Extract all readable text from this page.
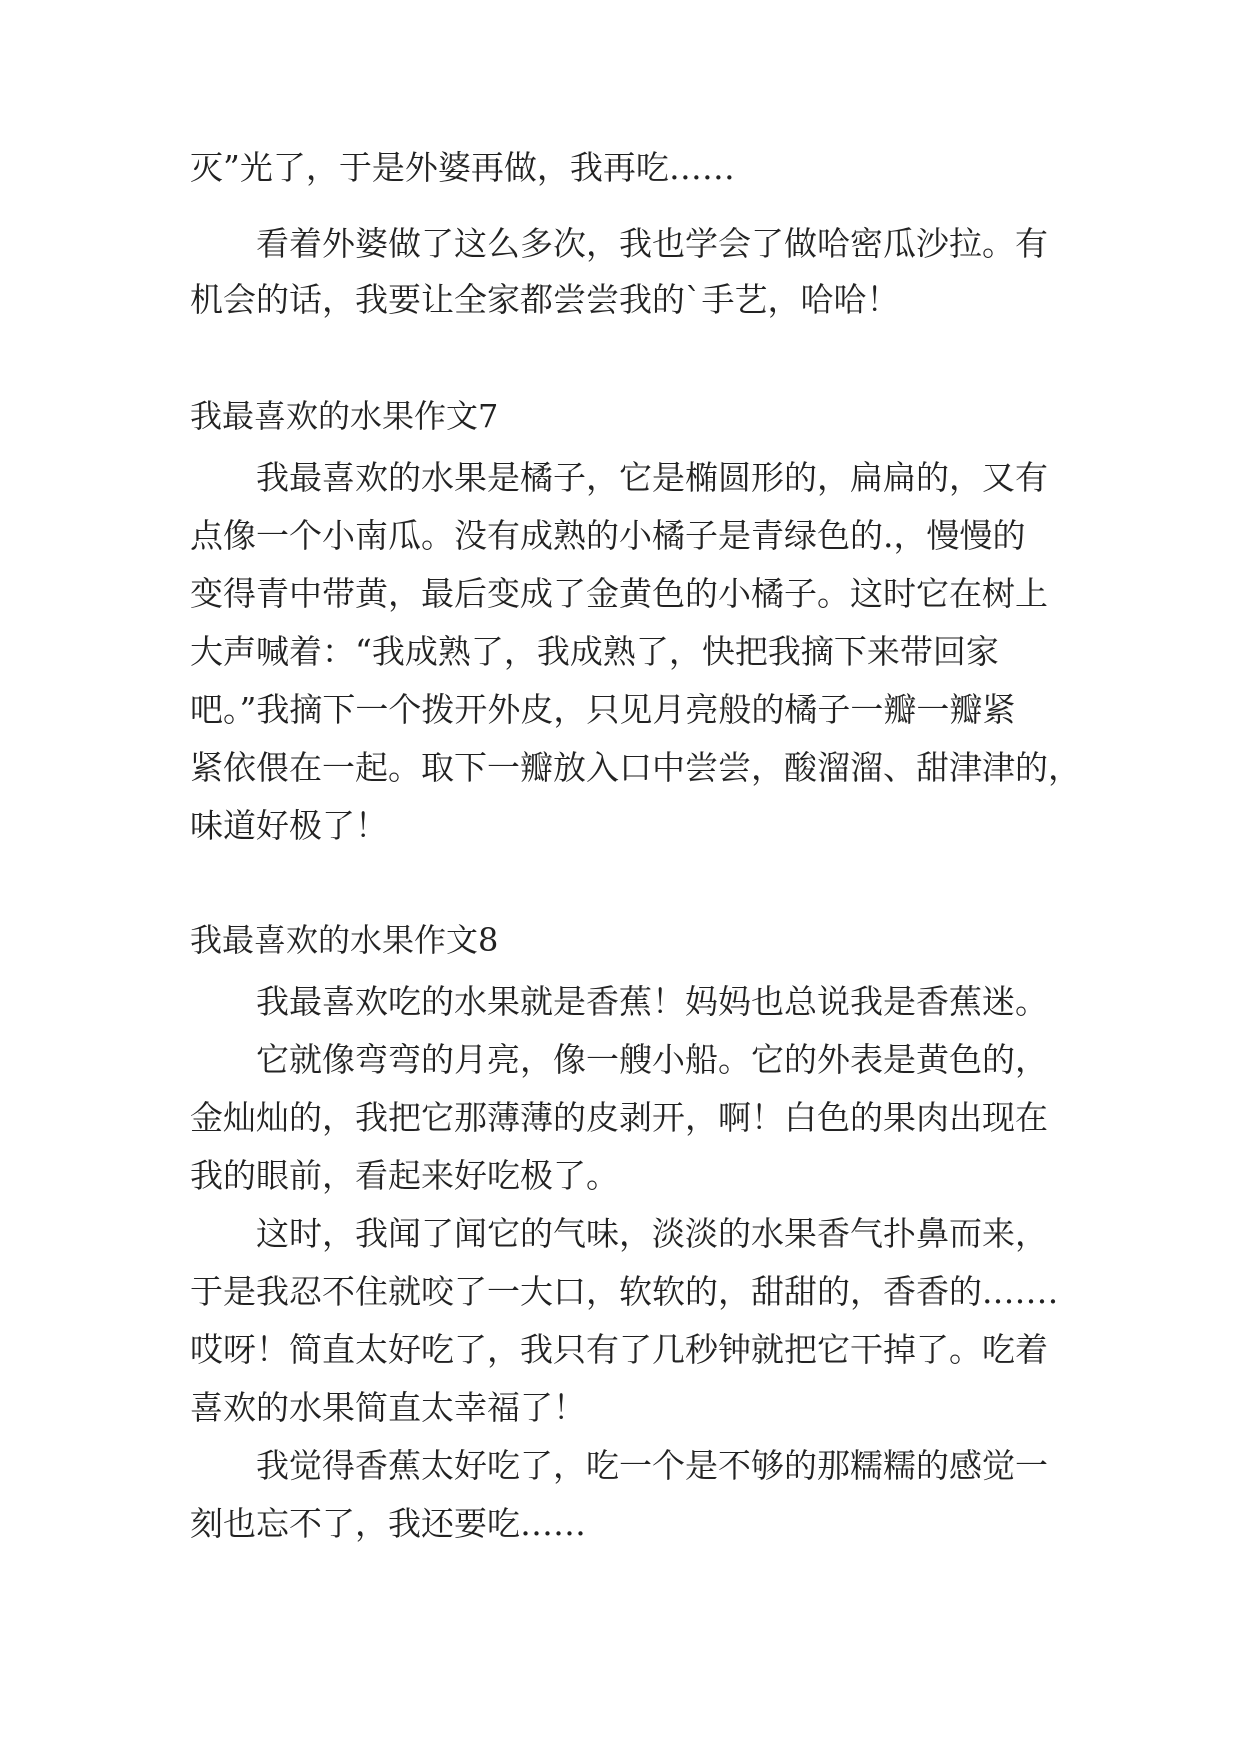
灭”光了，于是外婆再做，我再吃……

看着外婆做了这么多次，我也学会了做哈密瓜沙拉。有

机会的话，我要让全家都尝尝我的`手艺，哈哈！

我最喜欢的水果作文7

我最喜欢的水果是橘子，它是椭圆形的，扁扁的，又有

点像一个小南瓜。没有成熟的小橘子是青绿色的.，慢慢的

变得青中带黄，最后变成了金黄色的小橘子。这时它在树上

大声喊着：“我成熟了，我成熟了，快把我摘下来带回家

吧。”我摘下一个拨开外皮，只见月亮般的橘子一瓣一瓣紧

紧依偎在一起。取下一瓣放入口中尝尝，酸溜溜、甜津津的，

味道好极了！

我最喜欢的水果作文8

我最喜欢吃的水果就是香蕉！妈妈也总说我是香蕉迷。

它就像弯弯的月亮，像一艘小船。它的外表是黄色的，

金灿灿的，我把它那薄薄的皮剥开，啊！白色的果肉出现在

我的眼前，看起来好吃极了。

这时，我闻了闻它的气味，淡淡的水果香气扑鼻而来，

于是我忍不住就咬了一大口，软软的，甜甜的，香香的.……

哎呀！简直太好吃了，我只有了几秒钟就把它干掉了。吃着

喜欢的水果简直太幸福了！

我觉得香蕉太好吃了，吃一个是不够的那糯糯的感觉一

刻也忘不了，我还要吃……
